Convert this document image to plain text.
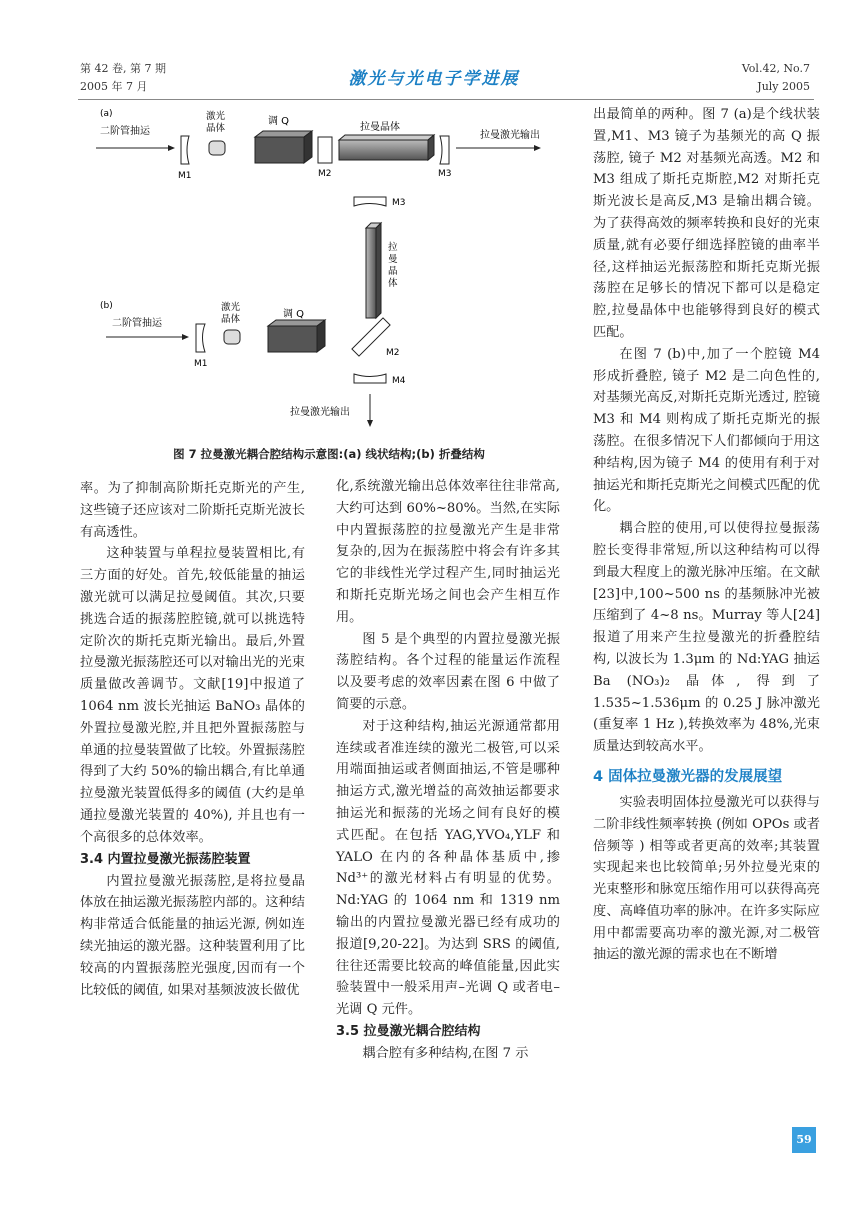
第 42 卷, 第 7 期
2005 年 7 月	激光与光电子学进展
Vol.42, No.7
July 2005
(a)
二阶管抽运
M1
激光
晶体
调 Q
M2
拉曼晶体
M3
拉曼激光输出
M3
拉
曼
晶
体
(b)
二阶管抽运
M1
激光
晶体	调 Q
M2
M4
拉曼激光输出
图 7 拉曼激光耦合腔结构示意图:(a) 线状结构;(b) 折叠结构

率。为了抑制高阶斯托克斯光的产生,这些镜子还应该对二阶斯托克斯光波长有高透性。

这种装置与单程拉曼装置相比,有三方面的好处。首先,较低能量的抽运激光就可以满足拉曼阈值。其次,只要挑选合适的振荡腔腔镜,就可以挑选特定阶次的斯托克斯光输出。最后,外置拉曼激光振荡腔还可以对输出光的光束质量做改善调节。文献[19]中报道了1064 nm 波长光抽运 BaNO₃ 晶体的外置拉曼激光腔,并且把外置振荡腔与单通的拉曼装置做了比较。外置振荡腔得到了大约 50%的输出耦合,有比单通拉曼激光装置低得多的阈值 (大约是单通拉曼激光装置的 40%), 并且也有一个高很多的总体效率。

3.4 内置拉曼激光振荡腔装置

内置拉曼激光振荡腔,是将拉曼晶体放在抽运激光振荡腔内部的。这种结构非常适合低能量的抽运光源, 例如连续光抽运的激光器。这种装置利用了比较高的内置振荡腔光强度,因而有一个比较低的阈值, 如果对基频波波长做优

化,系统激光输出总体效率往往非常高,大约可达到 60%~80%。当然,在实际中内置振荡腔的拉曼激光产生是非常复杂的,因为在振荡腔中将会有许多其它的非线性光学过程产生,同时抽运光和斯托克斯光场之间也会产生相互作用。

图 5 是个典型的内置拉曼激光振荡腔结构。各个过程的能量运作流程以及要考虑的效率因素在图 6 中做了简要的示意。

对于这种结构,抽运光源通常都用连续或者准连续的激光二极管,可以采用端面抽运或者侧面抽运,不管是哪种抽运方式,激光增益的高效抽运都要求抽运光和振荡的光场之间有良好的模式匹配。在包括 YAG,YVO₄,YLF 和 YALO 在内的各种晶体基质中,掺 Nd³⁺的激光材料占有明显的优势。Nd:YAG 的 1064 nm 和 1319 nm 输出的内置拉曼激光器已经有成功的报道[9,20-22]。为达到 SRS 的阈值,往往还需要比较高的峰值能量,因此实验装置中一般采用声–光调 Q 或者电–光调 Q 元件。

3.5 拉曼激光耦合腔结构

耦合腔有多种结构,在图 7 示

出最简单的两种。图 7 (a)是个线状装置,M1、M3 镜子为基频光的高 Q 振荡腔, 镜子 M2 对基频光高透。M2 和 M3 组成了斯托克斯腔,M2 对斯托克斯光波长是高反,M3 是输出耦合镜。为了获得高效的频率转换和良好的光束质量,就有必要仔细选择腔镜的曲率半径,这样抽运光振荡腔和斯托克斯光振荡腔在足够长的情况下都可以是稳定腔,拉曼晶体中也能够得到良好的模式匹配。

在图 7 (b)中,加了一个腔镜 M4 形成折叠腔, 镜子 M2 是二向色性的,对基频光高反,对斯托克斯光透过, 腔镜 M3 和 M4 则构成了斯托克斯光的振荡腔。在很多情况下人们都倾向于用这种结构,因为镜子 M4 的使用有利于对抽运光和斯托克斯光之间模式匹配的优化。

耦合腔的使用,可以使得拉曼振荡腔长变得非常短,所以这种结构可以得到最大程度上的激光脉冲压缩。在文献[23]中,100~500 ns 的基频脉冲光被压缩到了 4~8 ns。Murray 等人[24]报道了用来产生拉曼激光的折叠腔结构, 以波长为 1.3μm 的 Nd:YAG 抽运 Ba (NO₃)₂ 晶体, 得到了 1.535~1.536μm 的 0.25 J 脉冲激光 (重复率 1 Hz ),转换效率为 48%,光束质量达到较高水平。

4 固体拉曼激光器的发展展望

实验表明固体拉曼激光可以获得与二阶非线性频率转换 (例如 OPOs 或者倍频等 ) 相等或者更高的效率;其装置实现起来也比较简单;另外拉曼光束的光束整形和脉宽压缩作用可以获得高亮度、高峰值功率的脉冲。在许多实际应用中都需要高功率的激光源,对二极管抽运的激光源的需求也在不断增

59
